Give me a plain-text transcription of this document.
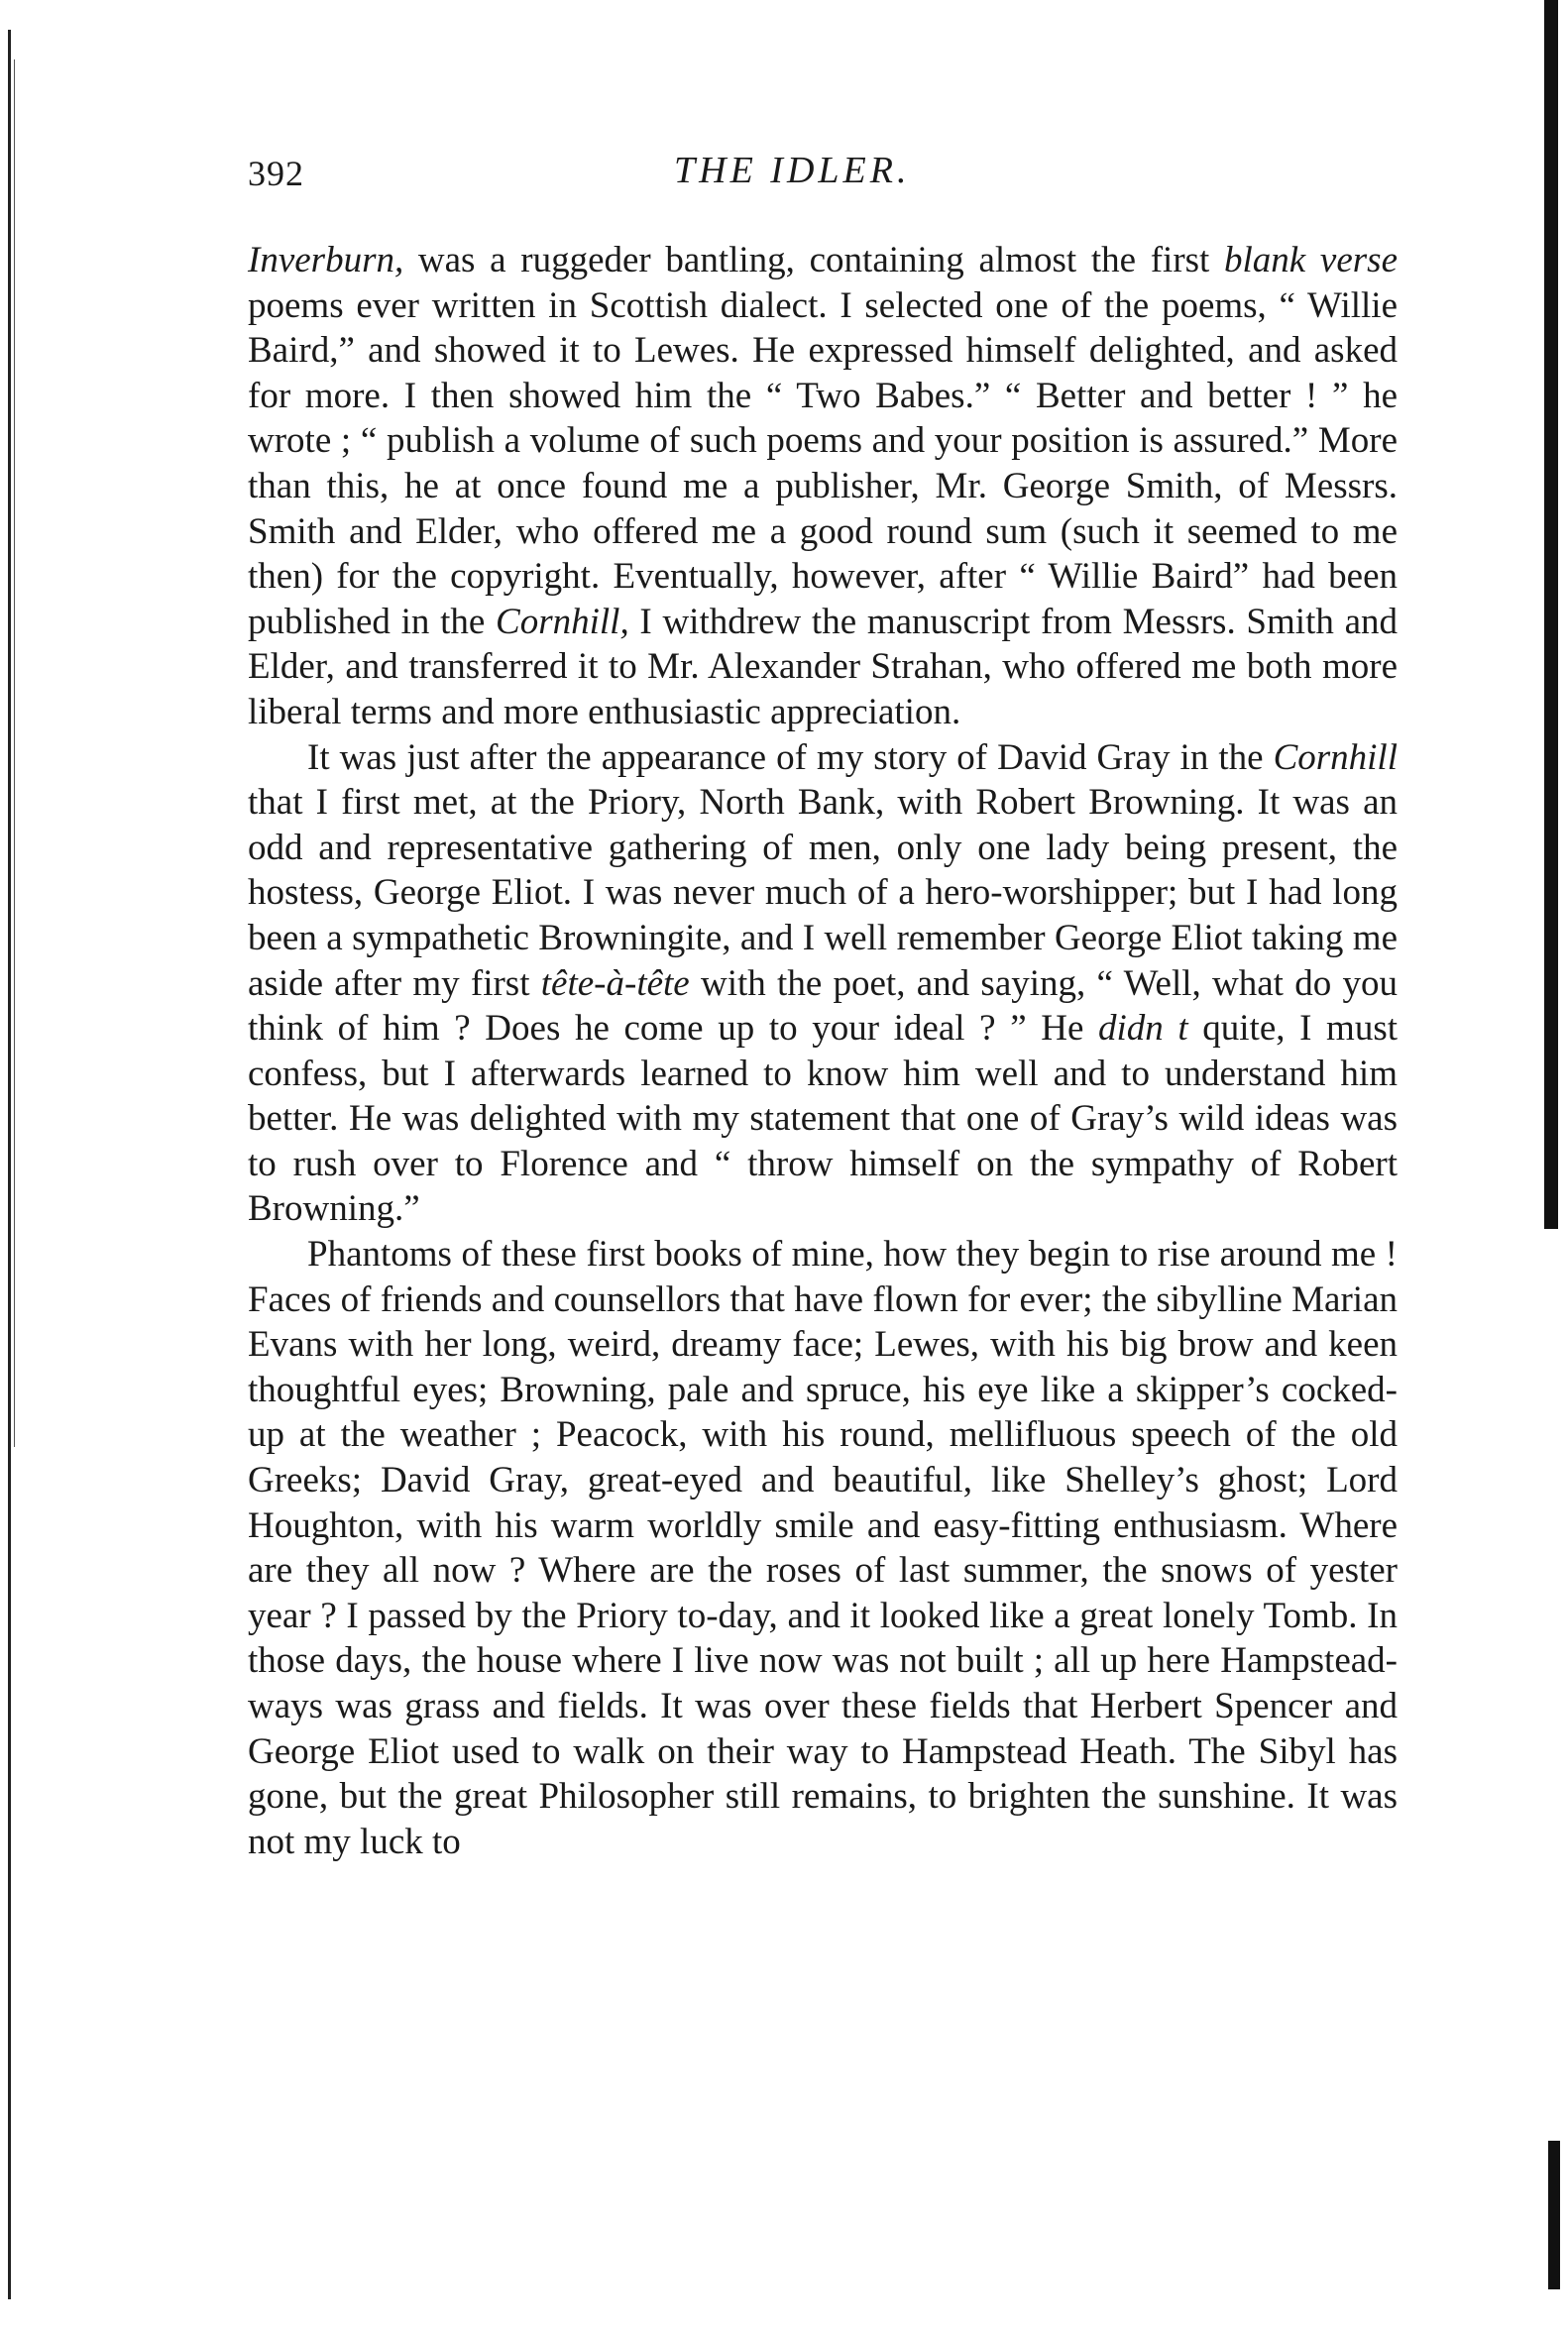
392	THE IDLER.

Inverburn, was a ruggeder bantling, containing almost the first blank verse poems ever written in Scottish dialect. I selected one of the poems, “ Willie Baird,” and showed it to Lewes. He expressed himself delighted, and asked for more. I then showed him the “ Two Babes.” “ Better and better ! ” he wrote ; “ publish a volume of such poems and your position is assured.” More than this, he at once found me a publisher, Mr. George Smith, of Messrs. Smith and Elder, who offered me a good round sum (such it seemed to me then) for the copyright. Eventually, however, after “ Willie Baird” had been published in the Cornhill, I withdrew the manuscript from Messrs. Smith and Elder, and transferred it to Mr. Alexander Strahan, who offered me both more liberal terms and more enthusiastic appreciation.

It was just after the appearance of my story of David Gray in the Cornhill that I first met, at the Priory, North Bank, with Robert Browning. It was an odd and representative gathering of men, only one lady being present, the hostess, George Eliot. I was never much of a hero-worshipper; but I had long been a sympathetic Browningite, and I well remember George Eliot taking me aside after my first tête-à-tête with the poet, and saying, “ Well, what do you think of him ? Does he come up to your ideal ? ” He didn t quite, I must confess, but I afterwards learned to know him well and to understand him better. He was delighted with my statement that one of Gray’s wild ideas was to rush over to Florence and “ throw himself on the sympathy of Robert Browning.”

Phantoms of these first books of mine, how they begin to rise around me ! Faces of friends and counsellors that have flown for ever; the sibylline Marian Evans with her long, weird, dreamy face; Lewes, with his big brow and keen thoughtful eyes; Browning, pale and spruce, his eye like a skipper’s cocked-up at the weather ; Peacock, with his round, mellifluous speech of the old Greeks; David Gray, great-eyed and beautiful, like Shelley’s ghost; Lord Houghton, with his warm worldly smile and easy-fitting enthusiasm. Where are they all now ? Where are the roses of last summer, the snows of yester year ? I passed by the Priory to-day, and it looked like a great lonely Tomb. In those days, the house where I live now was not built ; all up here Hampstead-ways was grass and fields. It was over these fields that Herbert Spencer and George Eliot used to walk on their way to Hampstead Heath. The Sibyl has gone, but the great Philosopher still remains, to brighten the sunshine. It was not my luck to
